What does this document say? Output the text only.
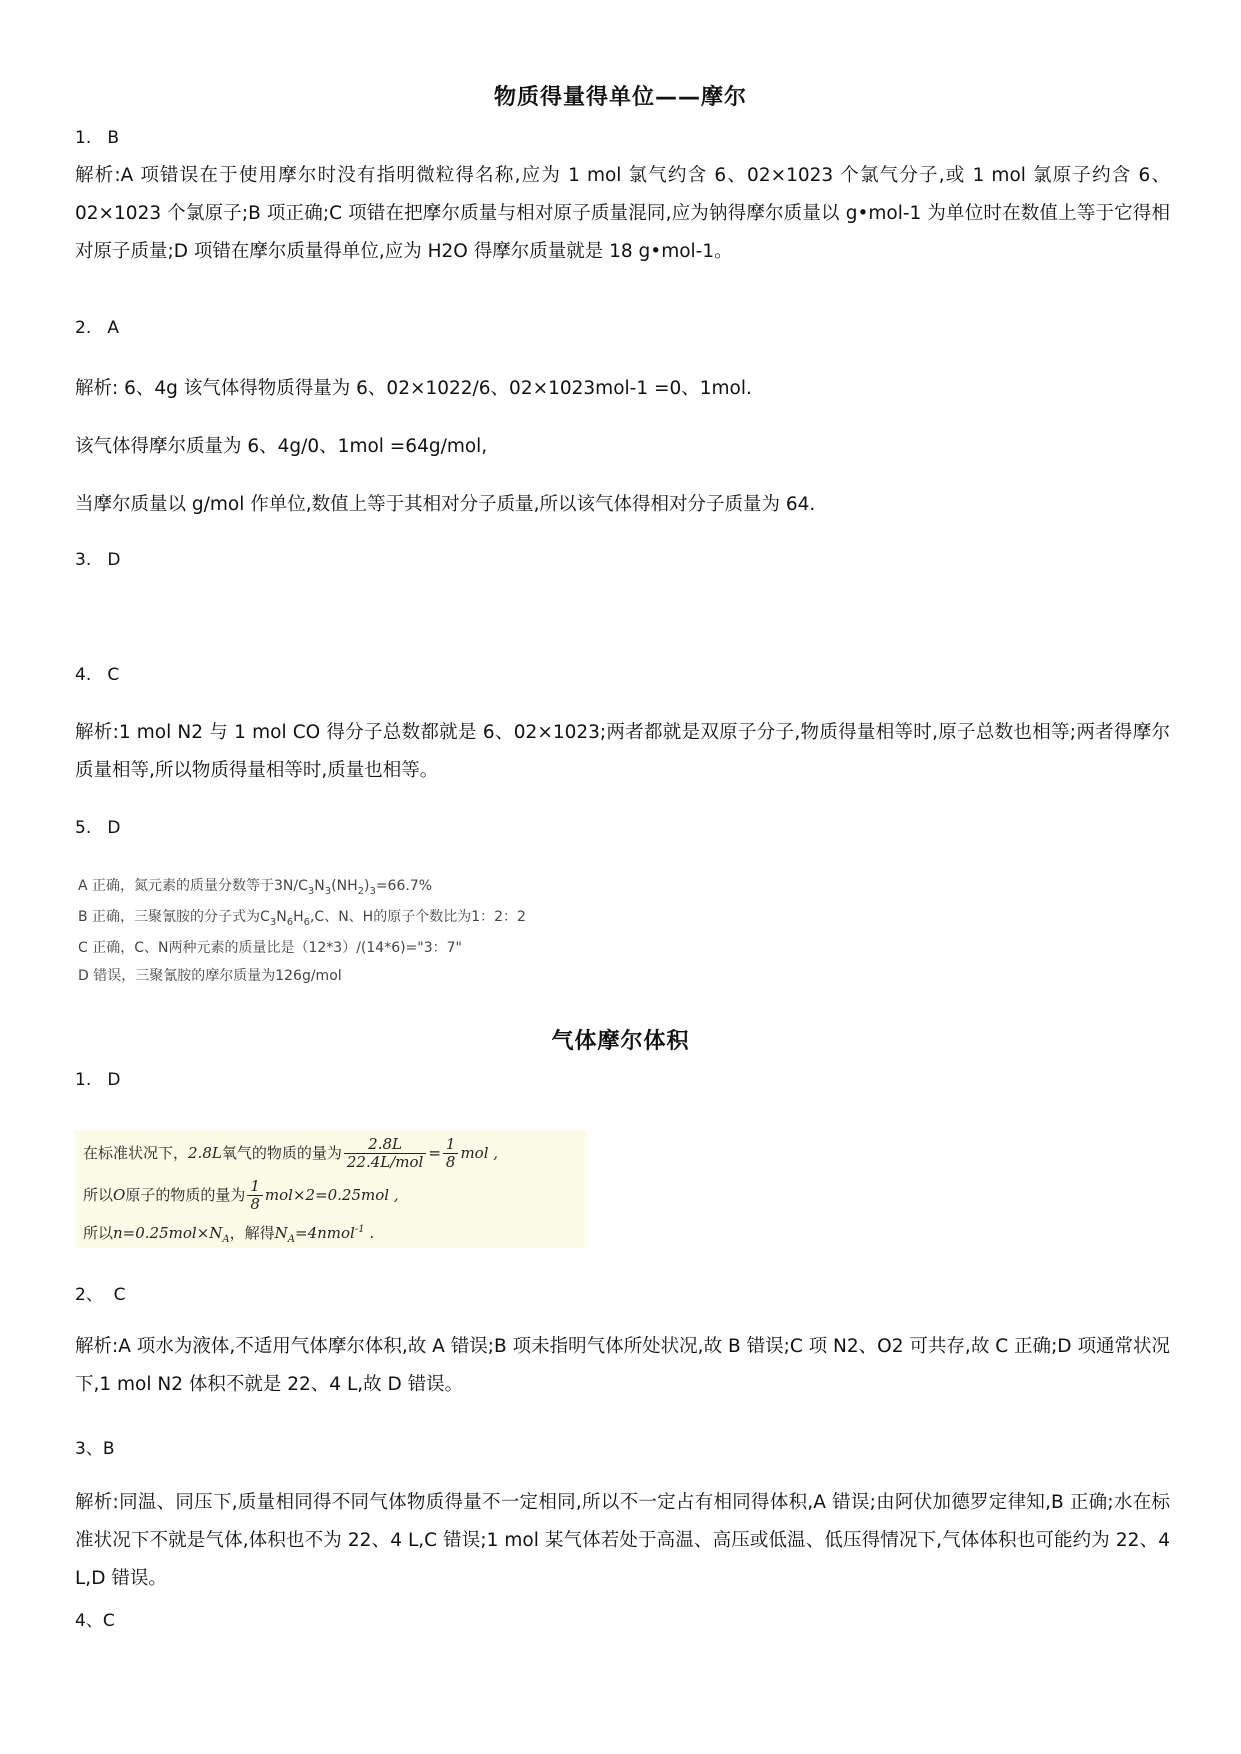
物质得量得单位——摩尔
1.   B
解析:A 项错误在于使用摩尔时没有指明微粒得名称,应为 1 mol 氯气约含 6、02×1023 个氯气分子,或 1 mol 氯原子约含 6、02×1023 个氯原子;B 项正确;C 项错在把摩尔质量与相对原子质量混同,应为钠得摩尔质量以 g•mol-1 为单位时在数值上等于它得相对原子质量;D 项错在摩尔质量得单位,应为 H2O 得摩尔质量就是 18 g•mol-1。
2.   A
解析: 6、4g 该气体得物质得量为 6、02×1022/6、02×1023mol-1 =0、1mol.
该气体得摩尔质量为 6、4g/0、1mol =64g/mol,
当摩尔质量以 g/mol 作单位,数值上等于其相对分子质量,所以该气体得相对分子质量为 64.
3.   D
4.   C
解析:1 mol N2 与 1 mol CO 得分子总数都就是 6、02×1023;两者都就是双原子分子,物质得量相等时,原子总数也相等;两者得摩尔质量相等,所以物质得量相等时,质量也相等。
5.   D
A 正确，氮元素的质量分数等于$3N/C_3N_3(NH_2)_3=66.7\%$
B 正确，三聚氰胺的分子式为$C_3N_6H_6,C$、N、H的原子个数比为1：2：2
C 正确，C、N两种元素的质量比是（12*3）/(14*6)="3：7"
D 错误，三聚氰胺的摩尔质量为126g/mol
气体摩尔体积
1.   D
在标准状况下，2.8L氧气的物质的量为 $\frac{2.8L}{\text{22.4L/mol}} = \frac{1}{8}$ mol ,
所以O原子的物质的量为 $\frac{1}{8} mol\times 2=0.25mol$ ,
所以$n=0.25mol\times N_A$，解得$N_A=4nmol^{-1}$ .
2、  C
解析:A 项水为液体,不适用气体摩尔体积,故 A 错误;B 项未指明气体所处状况,故 B 错误;C 项 N2、O2 可共存,故 C 正确;D 项通常状况下,1 mol N2 体积不就是 22、4 L,故 D 错误。
3、B
解析:同温、同压下,质量相同得不同气体物质得量不一定相同,所以不一定占有相同得体积,A 错误;由阿伏加德罗定律知,B 正确;水在标准状况下不就是气体,体积也不为 22、4 L,C 错误;1 mol 某气体若处于高温、高压或低温、低压得情况下,气体体积也可能约为 22、4 L,D 错误。
4、C
